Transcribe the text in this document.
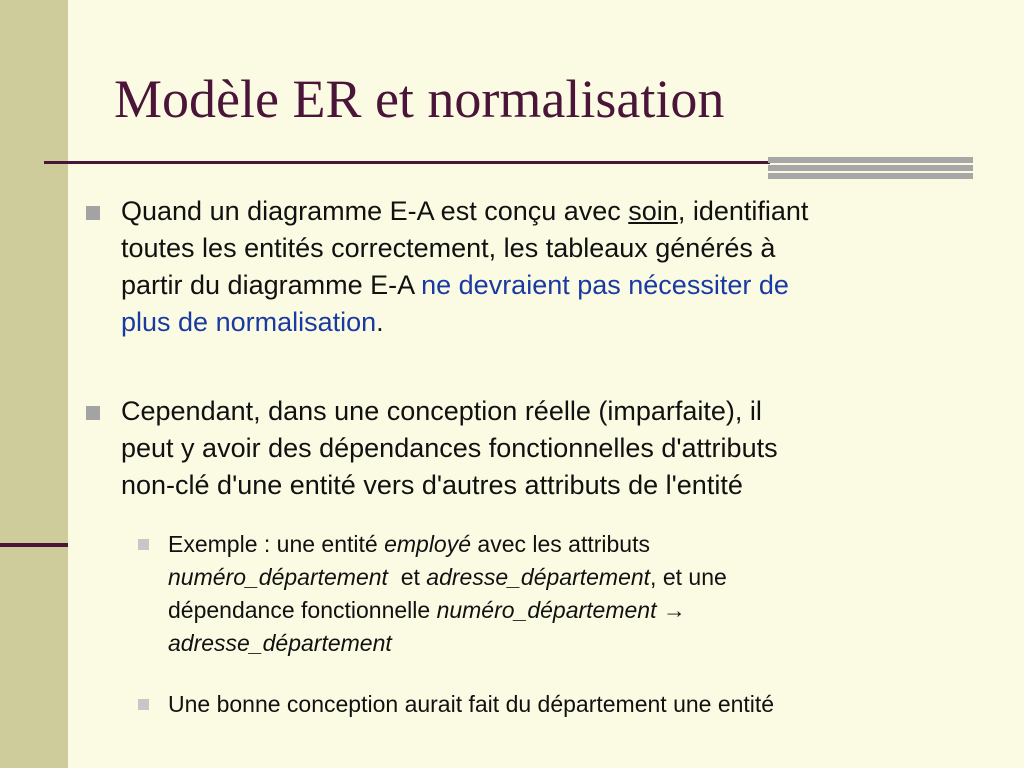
Modèle ER et normalisation
Quand un diagramme E-A est conçu avec soin, identifiant
toutes les entités correctement, les tableaux générés à
partir du diagramme E-A ne devraient pas nécessiter de
plus de normalisation.
Cependant, dans une conception réelle (imparfaite), il
peut y avoir des dépendances fonctionnelles d'attributs
non-clé d'une entité vers d'autres attributs de l'entité
Exemple : une entité employé avec les attributs
numéro_département  et adresse_département, et une
dépendance fonctionnelle numéro_département →
adresse_département
Une bonne conception aurait fait du département une entité
